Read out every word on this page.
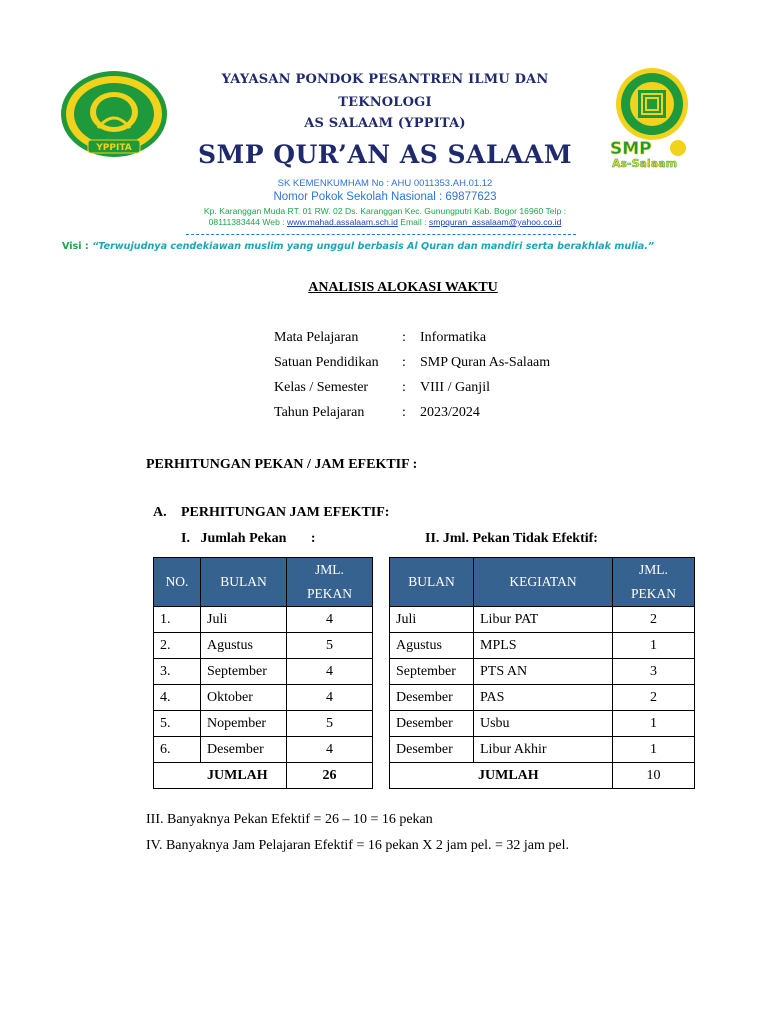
YPPITA
YAYASAN PONDOK PESANTREN ILMU DAN
TEKNOLOGI
AS SALAAM (YPPITA)
SMP
As-Salaam
SMP QUR’AN AS SALAAM
SK KEMENKUMHAM No : AHU 0011353.AH.01.12
Nomor Pokok Sekolah Nasional : 69877623
Kp. Karanggan Muda RT. 01 RW. 02 Ds. Karanggan Kec. Gunungputri Kab. Bogor 16960 Telp :
08111383444 Web : www.mahad.assalaam.sch.id Email : smpquran_assalaam@yahoo.co.id
Visi : “Terwujudnya cendekiawan muslim yang unggul berbasis Al Quran dan mandiri serta berakhlak mulia.”
ANALISIS ALOKASI WAKTU
Mata Pelajaran	: Informatika
Satuan Pendidikan : SMP Quran As-Salaam
Kelas / Semester : VIII / Ganjil
Tahun Pelajaran	: 2023/2024
PERHITUNGAN PEKAN / JAM EFEKTIF :
A. PERHITUNGAN JAM EFEKTIF:
I.   Jumlah Pekan       :	II. Jml. Pekan Tidak Efektif:
NO.	BULAN	JML.
PEKAN

1.	Juli	4
2.	Agustus	5
3.	September	4
4.	Oktober	4
5.	Nopember	5
6.	Desember	4
JUMLAH		26
BULAN	KEGIATAN	JML.
PEKAN

Juli	Libur PAT	2
Agustus	MPLS	1
September	PTS AN	3
Desember	PAS	2
Desember	Usbu	1
Desember	Libur Akhir	1
JUMLAH		10
III. Banyaknya Pekan Efektif = 26 – 10 = 16 pekan
IV. Banyaknya Jam Pelajaran Efektif = 16 pekan X 2 jam pel. = 32 jam pel.
